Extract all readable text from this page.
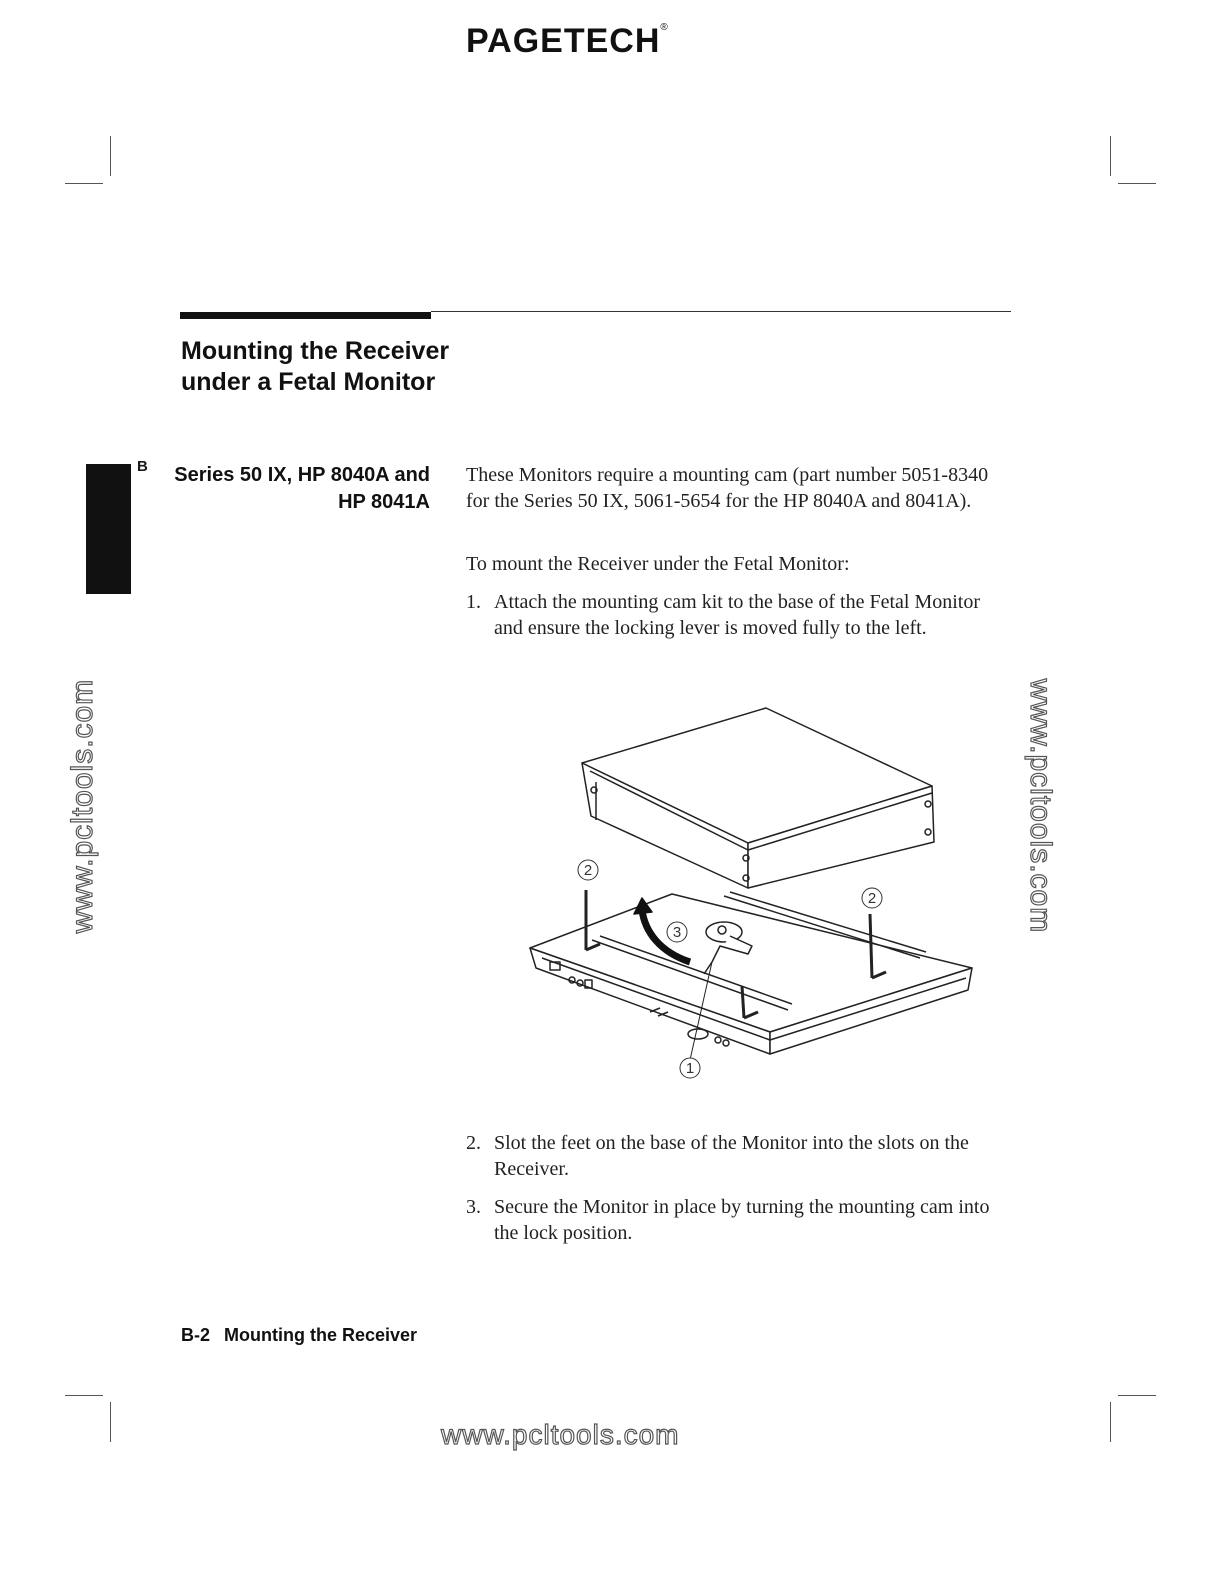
PAGETECH®
Mounting the Receiver under a Fetal Monitor
B	Series 50 IX, HP 8040A and HP 8041A
These Monitors require a mounting cam (part number 5051-8340 for the Series 50 IX, 5061-5654 for the HP 8040A and 8041A).
To mount the Receiver under the Fetal Monitor:
1. Attach the mounting cam kit to the base of the Fetal Monitor and ensure the locking lever is moved fully to the left.
1
2
2
3
2. Slot the feet on the base of the Monitor into the slots on the Receiver.
3. Secure the Monitor in place by turning the mounting cam into the lock position.
B-2 Mounting the Receiver
www.pcltools.com	www.pcltools.com
www.pcltools.com
